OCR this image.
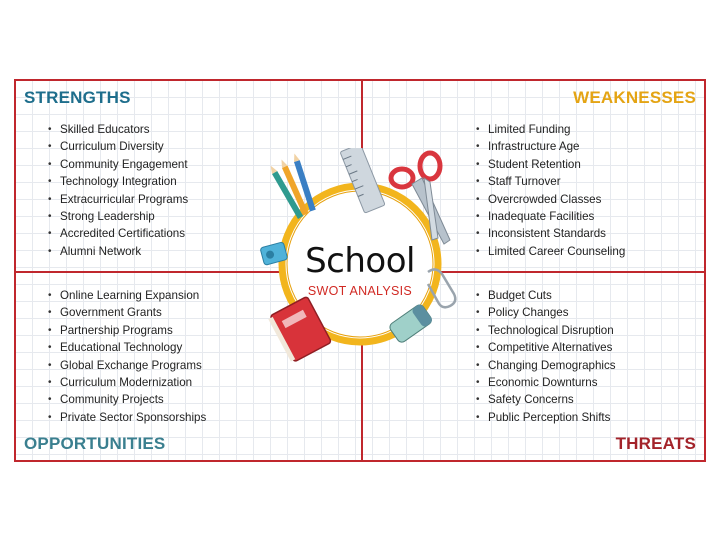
STRENGTHS	WEAKNESSES
OPPORTUNITIES	THREATS
• Skilled Educators
• Curriculum Diversity
• Community Engagement
• Technology Integration
• Extracurricular Programs
• Strong Leadership
• Accredited Certifications
• Alumni Network
• Limited Funding
• Infrastructure Age
• Student Retention
• Staff Turnover
• Overcrowded Classes
• Inadequate Facilities
• Inconsistent Standards
• Limited Career Counseling
• Online Learning Expansion
• Government Grants
• Partnership Programs
• Educational Technology
• Global Exchange Programs
• Curriculum Modernization
• Community Projects
• Private Sector Sponsorships
• Budget Cuts
• Policy Changes
• Technological Disruption
• Competitive Alternatives
• Changing Demographics
• Economic Downturns
• Safety Concerns
• Public Perception Shifts
School
SWOT ANALYSIS
